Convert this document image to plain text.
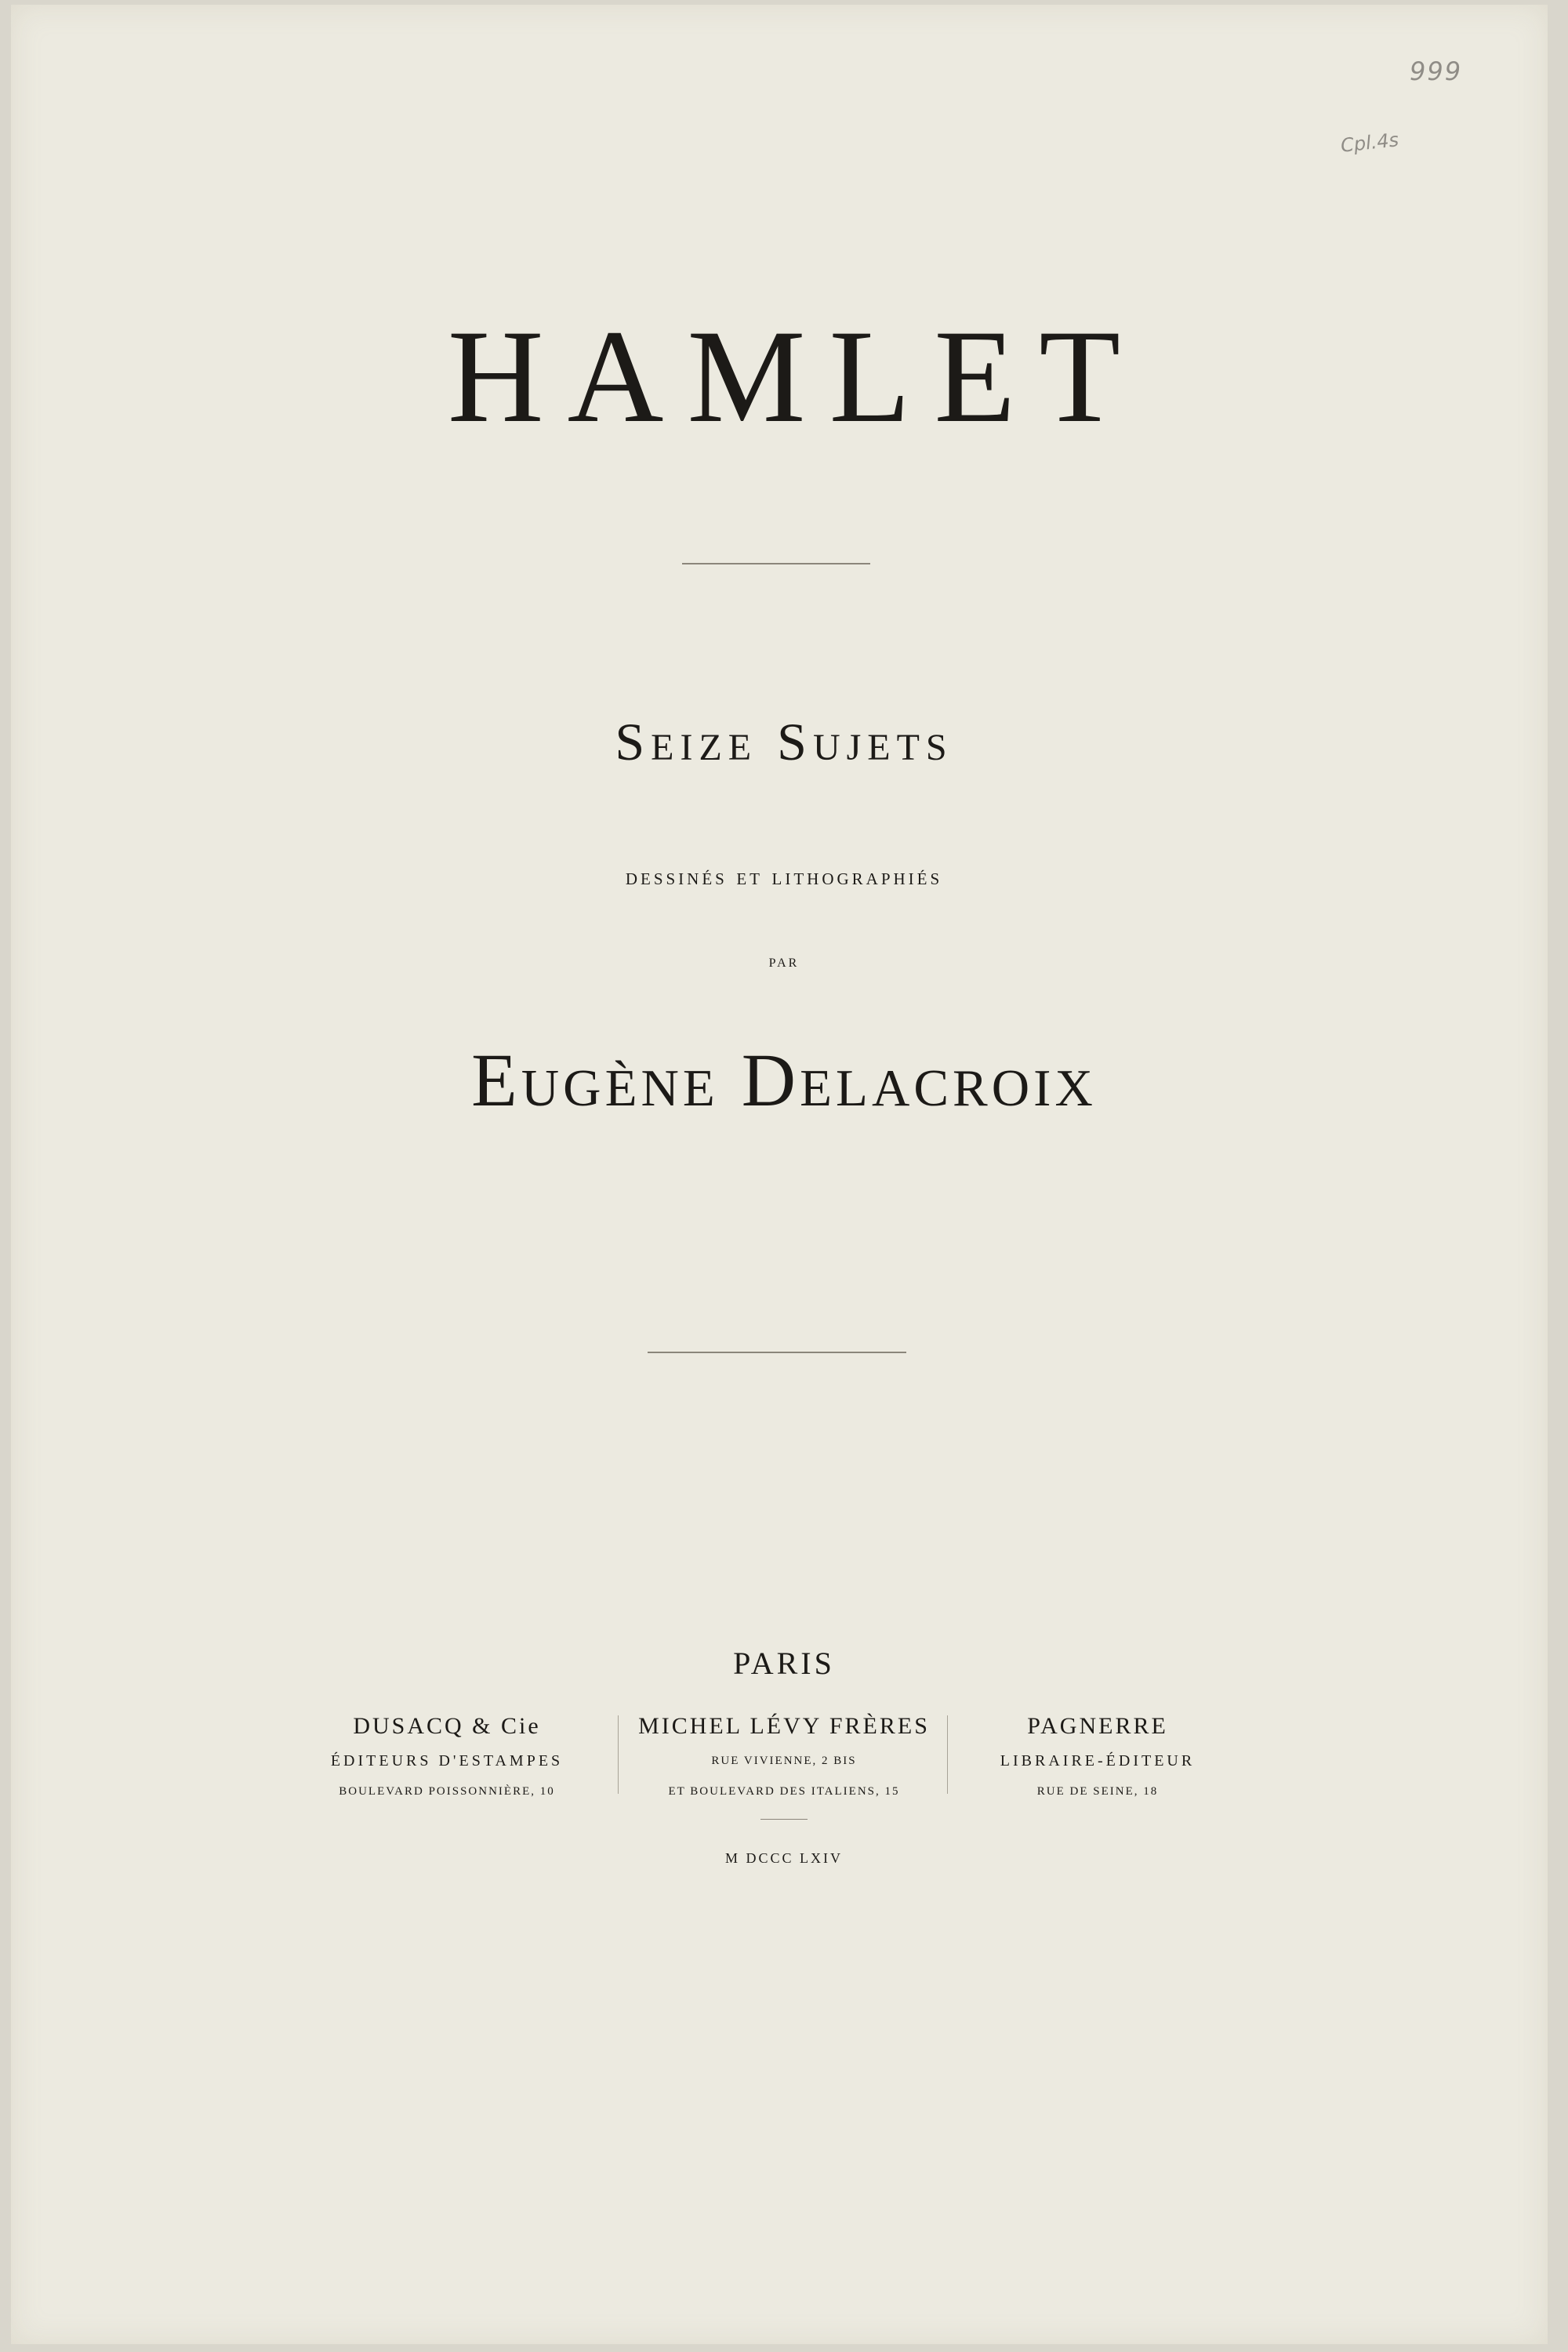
999
Cpl.4s
HAMLET
Seize Sujets
dessinés et lithographiés
PAR
Eugène Delacroix
PARIS
DUSACQ & Cie
ÉDITEURS D'ESTAMPES
BOULEVARD POISSONNIÈRE, 10
MICHEL LÉVY FRÈRES
RUE VIVIENNE, 2 BIS
ET BOULEVARD DES ITALIENS, 15
PAGNERRE
LIBRAIRE-ÉDITEUR
RUE DE SEINE, 18
M DCCC LXIV
